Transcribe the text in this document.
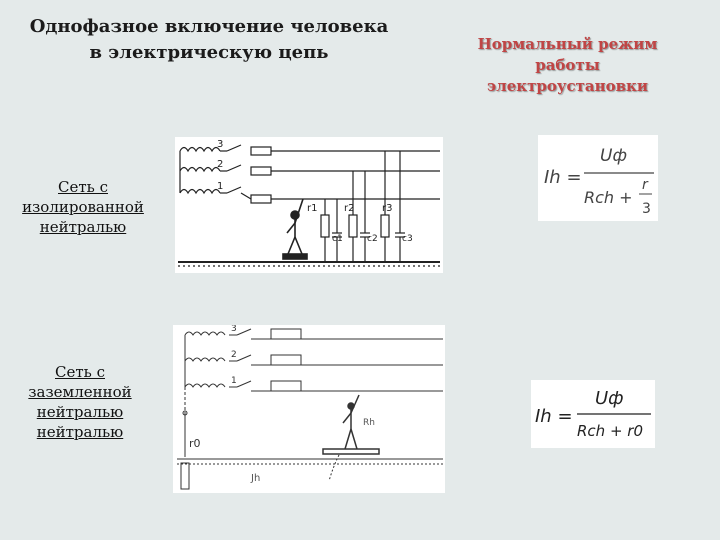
Однофазное включение человека
в электрическую цепь	Нормальный режим
работы
электроустановки
Сеть с
изолированной
нейтралью
Сеть с
заземленной
нейтралью
нейтралью
3
2
1
r1	r2	r3
c1	c2	c3
3
2
1
r0
Rh
Jh
Ih =
Uф
Rch +
r
3
Ih =
Uф
Rch + r0
